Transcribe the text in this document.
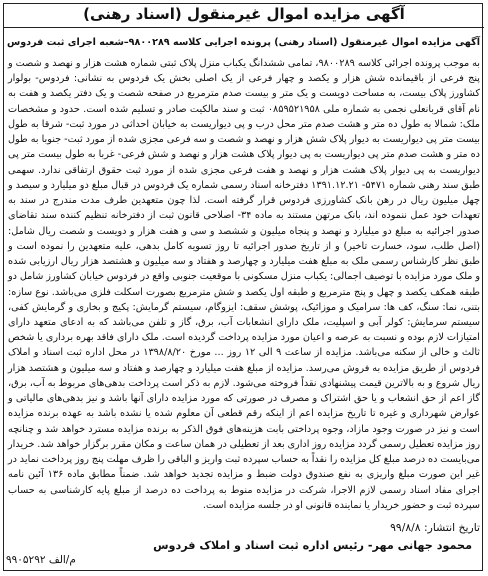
آگهی مزایده اموال غیرمنقول (اسناد رهنی)
آگهی مزایده اموال غیرمنقول (اسناد رهنی) پرونده اجرایی کلاسه ۹۸۰۰۲۸۹–شعبه اجرای ثبت فردوس
به موجب پرونده اجرائی کلاسه ۹۸۰۰۲۸۹، تمامی ششدانگ یکباب منزل پلاک ثبتی شماره هشت هزار و نهصد و شصت و پنج فرعی از باقیمانده شش هزار و یکصد و چهار فرعی از یک اصلی بخش یک فردوس به نشانی: فردوس- بولوار کشاورز پلاک بیست، به مساحت دویست و یک متر و بیست صدم مترمربع در صفحه شصت و یک دفتر یکصد و هفت به نام آقای قربانعلی نجمی به شماره ملی ۰۸۵۹۵۲۱۹۵۸ ثبت و سند مالکیت صادر و تسلیم شده است. حدود و مشخصات ملک: شمالا به طول ده متر و هشت صدم متر محل درب و پی دیواریست به خیابان احداثی در مورد ثبت- شرقا به طول بیست متر پی دیواریست به دیوار پلاک شش هزار و نهصد و شصت و سه فرعی مجزی شده از مورد ثبت- جنوبا به طول ده متر و هشت صدم متر پی دیواریست به پی دیوار پلاک هشت هزار و نهصد و شش فرعی- غربا به طول بیست متر پی دیواریست به پی دیوار پلاک هشت هزار و نهصد و هفت فرعی مجزی شده از مورد ثبت حقوق ارتفاقی ندارد. سهمی طبق سند رهنی شماره ۵۴۷۱- ۱۳۹۱.۱۲.۲۱ دفترخانه اسناد رسمی شماره یک فردوس در قبال مبلغ دو میلیارد و سیصد و چهل میلیون ریال در رهن بانک کشاورزی فردوس قرار گرفته است. لذا چون متعهدین طرف مدت مندرج در سند به تعهدات خود عمل ننموده اند، بانک مرتهن مستند به ماده ۳۴- اصلاحی قانون ثبت از دفترخانه تنظیم کننده سند تقاضای صدور اجرائیه به مبلغ دو میلیارد و نهصد و پنجاه میلیون و ششصد و سی و هفت هزار و دویست و شصت ریال شامل: (اصل طلب، سود، خسارت تاخیر) و از تاریخ صدور اجرائیه تا روز تسویه کامل بدهی، علیه متعهدین را نموده است و طبق نظر کارشناس رسمی ملک به مبلغ هفت میلیارد و چهارصد و هفتاد و سه میلیون و هشتصد هزار ریال ارزیابی شده و ملک مورد مزایده با توصیف اجمالی: یکباب منزل مسکونی با موقعیت جنوبی واقع در فردوس خیابان کشاورز شامل دو طبقه همکف یکصد و چهل و پنج مترمربع و طبقه اول یکصد و شش مترمربع بصورت اسکلت فلزی می‌باشد. نوع سازه: بتنی، نما: سنگ، کف ها: سرامیک و موزائیک، پوشش سقف: ایزوگام، سیستم گرمایش: پکیج و بخاری و گرمایش کفی، سیستم سرمایش: کولر آبی و اسپلیت، ملک دارای انشعابات آب، برق، گاز و تلفن می‌باشد که به ادعای متعهد دارای امتیازات لازم بوده و نسبت به عرصه و اعیان مورد مزایده پرداخت گردیده است. ملک دارای فاقد بهره برداری یا شخص ثالث و خالی از سکنه می‌باشد. مزایده از ساعت ۹ الی ۱۲ روز ... مورخ ۱۳۹۸/۸/۲۰ در محل اداره ثبت اسناد و املاک فردوس از طریق مزایده به فروش می‌رسد. مزایده از مبلغ هفت میلیارد و چهارصد و هفتاد و سه میلیون و هشتصد هزار ریال شروع و به بالاترین قیمت پیشنهادی نقداً فروخته می‌شود. لازم به ذکر است پرداخت بدهی‌های مربوط به آب، برق، گاز اعم از حق انشعاب و یا حق اشتراک و مصرف در صورتی که مورد مزایده دارای آنها باشد و نیز بدهی‌های مالیاتی و عوارض شهرداری و غیره تا تاریخ مزایده اعم از اینکه رقم قطعی آن معلوم شده یا نشده باشد به عهده برنده مزایده است و نیز در صورت وجود مازاد، وجوه پرداختی بابت هزینه‌های فوق الذکر به برنده مزایده مسترد خواهد شد و چنانچه روز مزایده تعطیل رسمی گردد مزایده روز اداری بعد از تعطیلی در همان ساعت و مکان مقرر برگزار خواهد شد. خریدار می‌بایست ده درصد مبلغ کل مزایده را نقداً به حساب سپرده ثبت واریز و الباقی را ظرف مهلت پنج روز پرداخت نماید در غیر این صورت مبلغ واریزی به نفع صندوق دولت ضبط و مزایده تجدید خواهد شد. ضمناً مطابق ماده ۱۳۶ آئین نامه اجرای مفاد اسناد رسمی لازم الاجرا، شرکت در مزایده منوط به پرداخت ده درصد از مبلغ پایه کارشناسی به حساب سپرده ثبت و حضور خریدار یا نماینده قانونی او در جلسه مزایده است.
تاریخ انتشار: ۹۹/۸/۸
محمود جهانی مهر- رئیس اداره ثبت اسناد و املاک فردوس
م/الف ۹۹۰۵۲۹۲
